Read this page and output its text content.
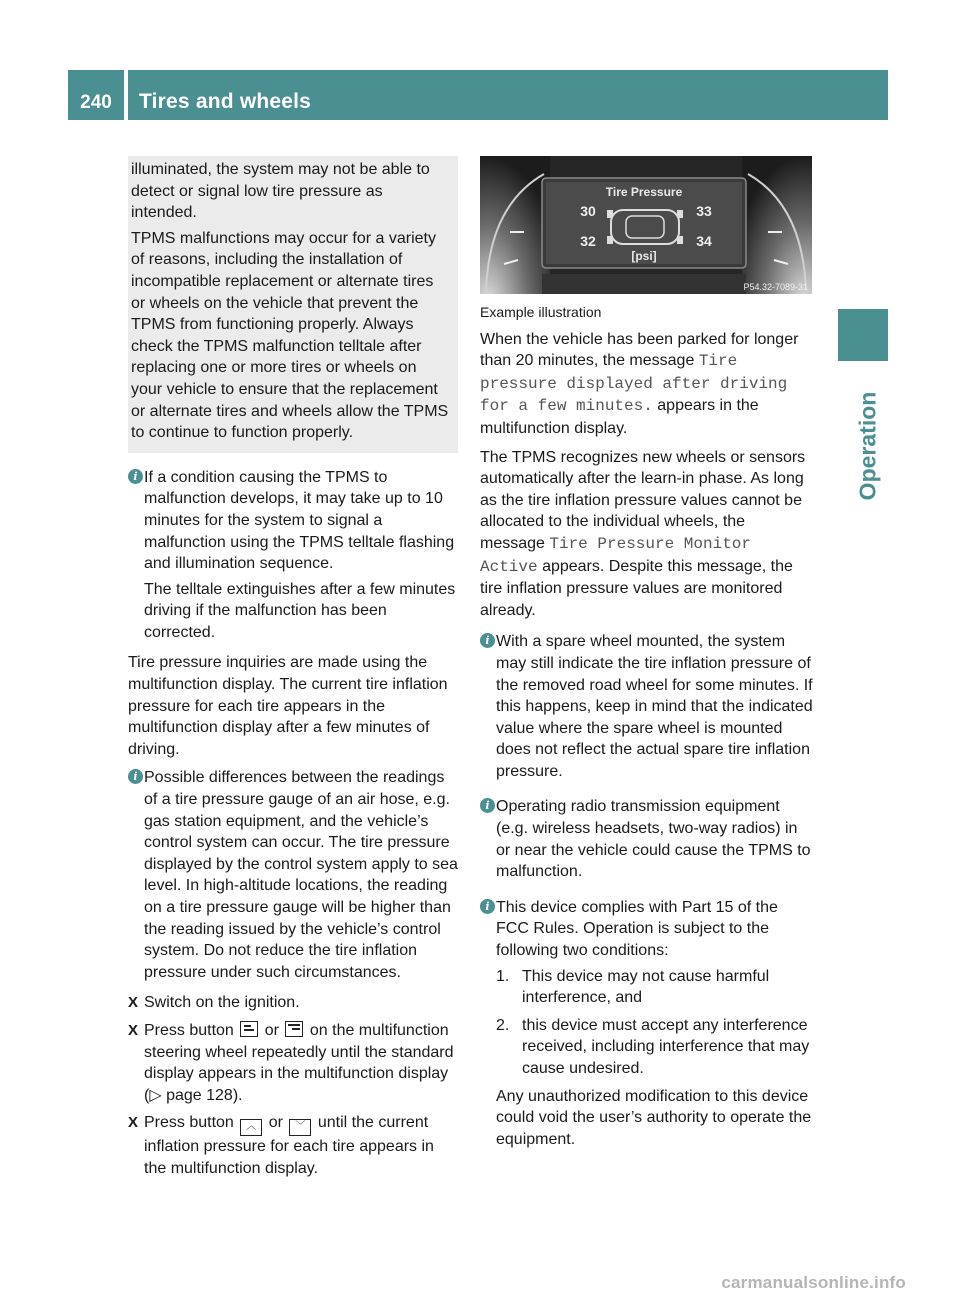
240	Tires and wheels
Operation

illuminated, the system may not be able to detect or signal low tire pressure as intended.

TPMS malfunctions may occur for a variety of reasons, including the installation of incompatible replacement or alternate tires or wheels on the vehicle that prevent the TPMS from functioning properly. Always check the TPMS malfunction telltale after replacing one or more tires or wheels on your vehicle to ensure that the replacement or alternate tires and wheels allow the TPMS to continue to function properly.

i If a condition causing the TPMS to malfunction develops, it may take up to 10 minutes for the system to signal a malfunction using the TPMS telltale flashing and illumination sequence.

The telltale extinguishes after a few minutes driving if the malfunction has been corrected.

Tire pressure inquiries are made using the multifunction display. The current tire inflation pressure for each tire appears in the multifunction display after a few minutes of driving.

i Possible differences between the readings of a tire pressure gauge of an air hose, e.g. gas station equipment, and the vehicle’s control system can occur. The tire pressure displayed by the control system apply to sea level. In high-altitude locations, the reading on a tire pressure gauge will be higher than the reading issued by the vehicle’s control system. Do not reduce the tire inflation pressure under such circumstances.

X Switch on the ignition.
X Press button or on the multifunction steering wheel repeatedly until the standard display appears in the multifunction display (▷ page 128).
X Press button ︿ or ﹀ until the current inflation pressure for each tire appears in the multifunction display.
Tire Pressure
30	33
32	34
[psi]
P54.32-7089-31

Example illustration

When the vehicle has been parked for longer than 20 minutes, the message Tire pressure displayed after driving for a few minutes. appears in the multifunction display.

The TPMS recognizes new wheels or sensors automatically after the learn-in phase. As long as the tire inflation pressure values cannot be allocated to the individual wheels, the message Tire Pressure Monitor Active appears. Despite this message, the tire inflation pressure values are monitored already.

i With a spare wheel mounted, the system may still indicate the tire inflation pressure of the removed road wheel for some minutes. If this happens, keep in mind that the indicated value where the spare wheel is mounted does not reflect the actual spare tire inflation pressure.

i Operating radio transmission equipment (e.g. wireless headsets, two-way radios) in or near the vehicle could cause the TPMS to malfunction.

i This device complies with Part 15 of the FCC Rules. Operation is subject to the following two conditions:

1. This device may not cause harmful interference, and
2. this device must accept any interference received, including interference that may cause undesired.

Any unauthorized modification to this device could void the user’s authority to operate the equipment.

carmanualsonline.info
